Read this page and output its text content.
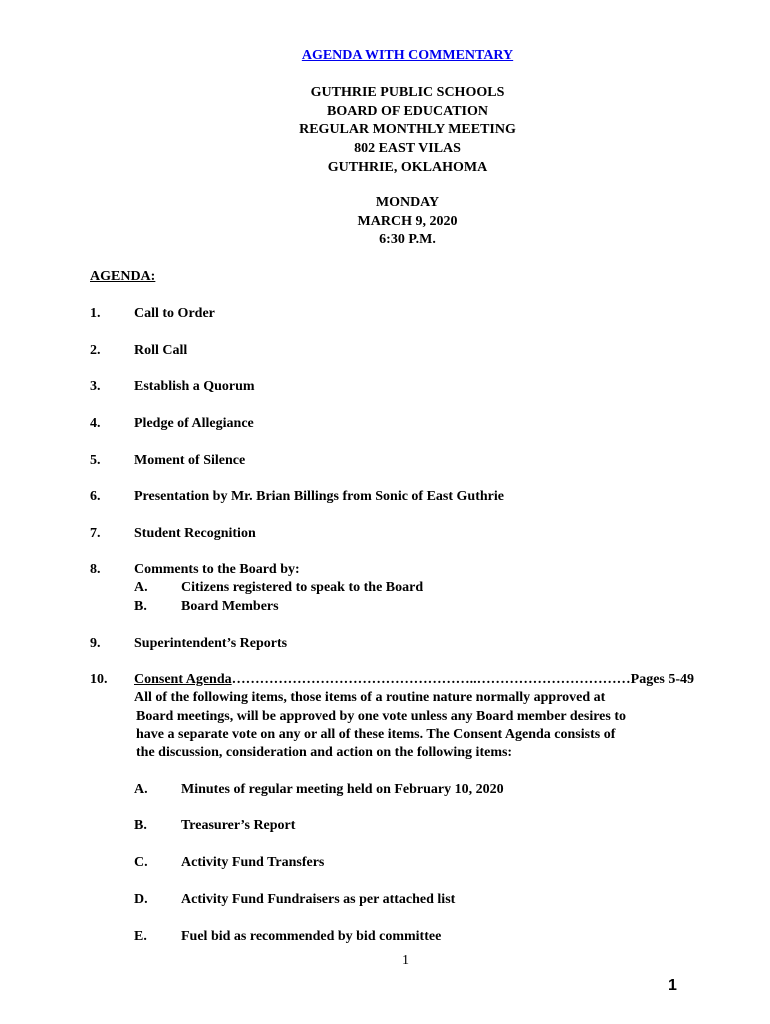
AGENDA WITH COMMENTARY
GUTHRIE PUBLIC SCHOOLS
BOARD OF EDUCATION
REGULAR MONTHLY MEETING
802 EAST VILAS
GUTHRIE, OKLAHOMA
MONDAY
MARCH 9, 2020
6:30 P.M.
AGENDA:
1. Call to Order
2. Roll Call
3. Establish a Quorum
4. Pledge of Allegiance
5. Moment of Silence
6. Presentation by Mr. Brian Billings from Sonic of East Guthrie
7. Student Recognition
8. Comments to the Board by:
A. Citizens registered to speak to the Board
B. Board Members
9. Superintendent’s Reports
10. Consent Agenda……………………………………………..……………………………Pages 5-49
All of the following items, those items of a routine nature normally approved at
Board meetings, will be approved by one vote unless any Board member desires to
have a separate vote on any or all of these items. The Consent Agenda consists of
the discussion, consideration and action on the following items:
A. Minutes of regular meeting held on February 10, 2020
B. Treasurer’s Report
C. Activity Fund Transfers
D. Activity Fund Fundraisers as per attached list
E. Fuel bid as recommended by bid committee
1
1
